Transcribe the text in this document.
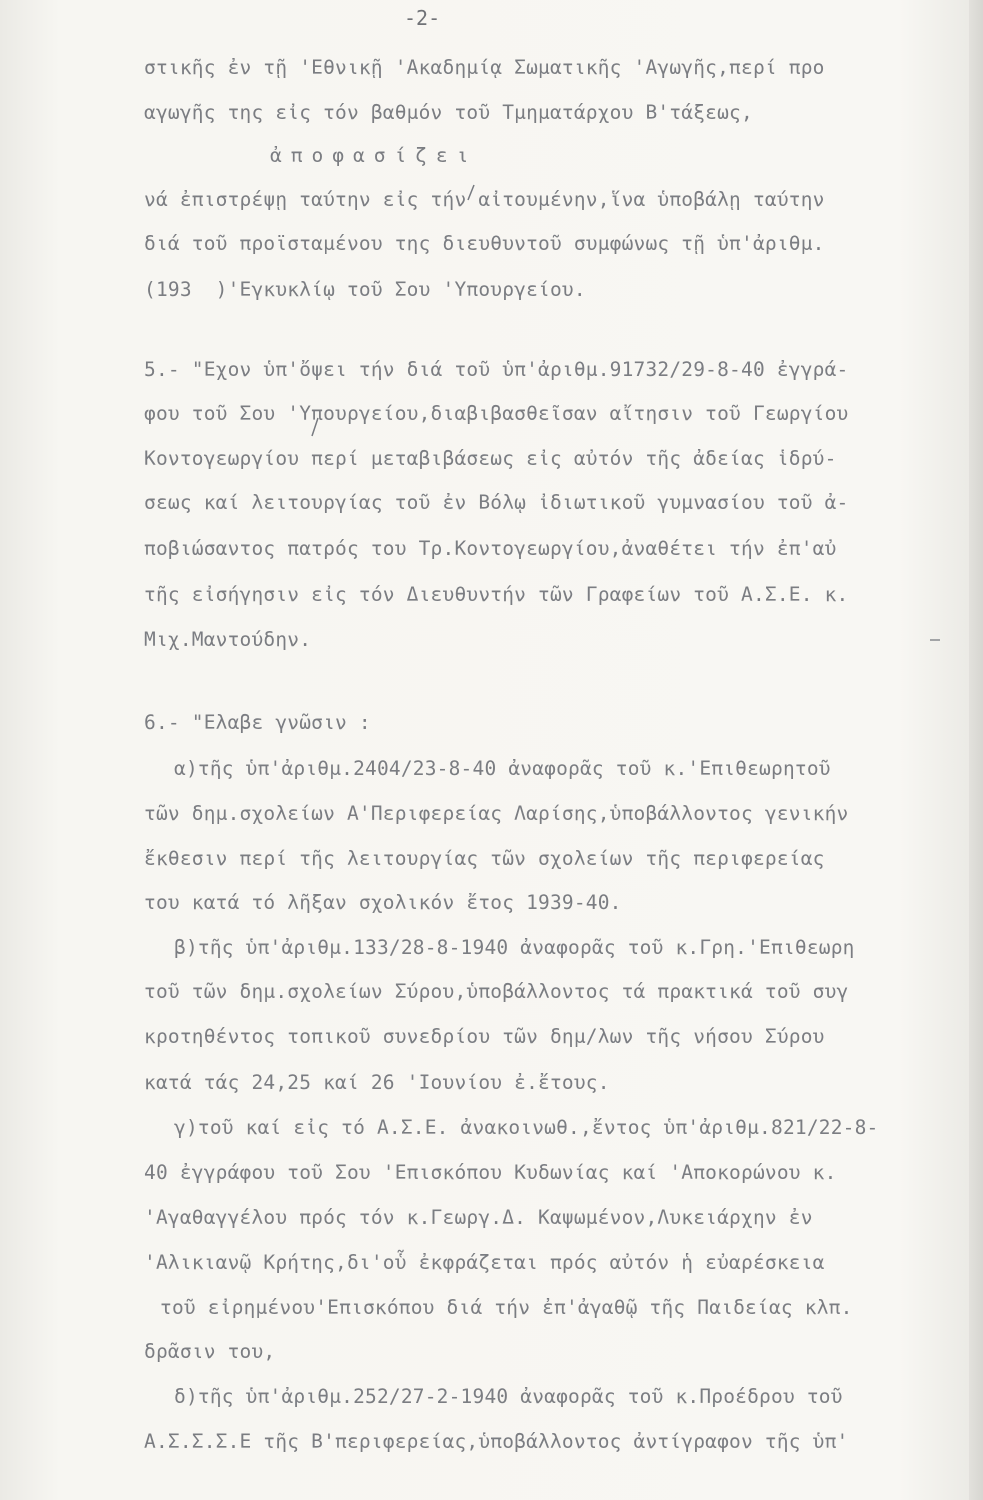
-2-
στικῆς ἐν τῇ 'Εθνικῇ 'Ακαδημίᾳ Σωματικῆς 'Αγωγῆς,περί προ
αγωγῆς της εἰς τόν βαθμόν τοῦ Τμηματάρχου Β'τάξεως,
ἀποφασίζει
νά ἐπιστρέψῃ ταύτην εἰς τήν αἰτουμένην,ἵνα ὑποβάλῃ ταύτην
διά τοῦ προϊσταμένου της διευθυντοῦ συμφώνως τῇ ὑπ'ἀριθμ.
(193  )'Εγκυκλίῳ τοῦ Σου 'Υπουργείου.
5.- "Εχον ὑπ'ὄψει τήν διά τοῦ ὑπ'ἀριθμ.91732/29-8-40 ἐγγρά-
φου τοῦ Σου 'Υπουργείου,διαβιβασθεῖσαν αἴτησιν τοῦ Γεωργίου
Κοντογεωργίου περί μεταβιβάσεως εἰς αὐτόν τῆς ἀδείας ἱδρύ-
σεως καί λειτουργίας τοῦ ἐν Βόλῳ ἰδιωτικοῦ γυμνασίου τοῦ ἀ-
ποβιώσαντος πατρός του Τρ.Κοντογεωργίου,ἀναθέτει τήν ἐπ'αὐ
τῆς εἰσήγησιν εἰς τόν Διευθυντήν τῶν Γραφείων τοῦ Α.Σ.Ε. κ.
Μιχ.Μαντούδην.
6.- "Ελαβε γνῶσιν :
α)τῆς ὑπ'ἀριθμ.2404/23-8-40 ἀναφορᾶς τοῦ κ.'Επιθεωρητοῦ
τῶν δημ.σχολείων Α'Περιφερείας Λαρίσης,ὑποβάλλοντος γενικήν
ἔκθεσιν περί τῆς λειτουργίας τῶν σχολείων τῆς περιφερείας
του κατά τό λῆξαν σχολικόν ἔτος 1939-40.
β)τῆς ὑπ'ἀριθμ.133/28-8-1940 ἀναφορᾶς τοῦ κ.Γρη.'Επιθεωρη
τοῦ τῶν δημ.σχολείων Σύρου,ὑποβάλλοντος τά πρακτικά τοῦ συγ
κροτηθέντος τοπικοῦ συνεδρίου τῶν δημ/λων τῆς νήσου Σύρου
κατά τάς 24,25 καί 26 'Ιουνίου ἐ.ἔτους.
γ)τοῦ καί εἰς τό Α.Σ.Ε. ἀνακοινωθ.,ἔντος ὑπ'ἀριθμ.821/22-8-
40 ἐγγράφου τοῦ Σου 'Επισκόπου Κυδωνίας καί 'Αποκορώνου κ.
'Αγαθαγγέλου πρός τόν κ.Γεωργ.Δ. Καψωμένον,Λυκειάρχην ἐν
'Αλικιανῷ Κρήτης,δι'οὗ ἐκφράζεται πρός αὐτόν ἡ εὐαρέσκεια
τοῦ εἰρημένου'Επισκόπου διά τήν ἐπ'ἀγαθῷ τῆς Παιδείας κλπ.
δρᾶσιν του,
δ)τῆς ὑπ'ἀριθμ.252/27-2-1940 ἀναφορᾶς τοῦ κ.Προέδρου τοῦ
Α.Σ.Σ.Σ.Ε τῆς Β'περιφερείας,ὑποβάλλοντος ἀντίγραφον τῆς ὑπ'
